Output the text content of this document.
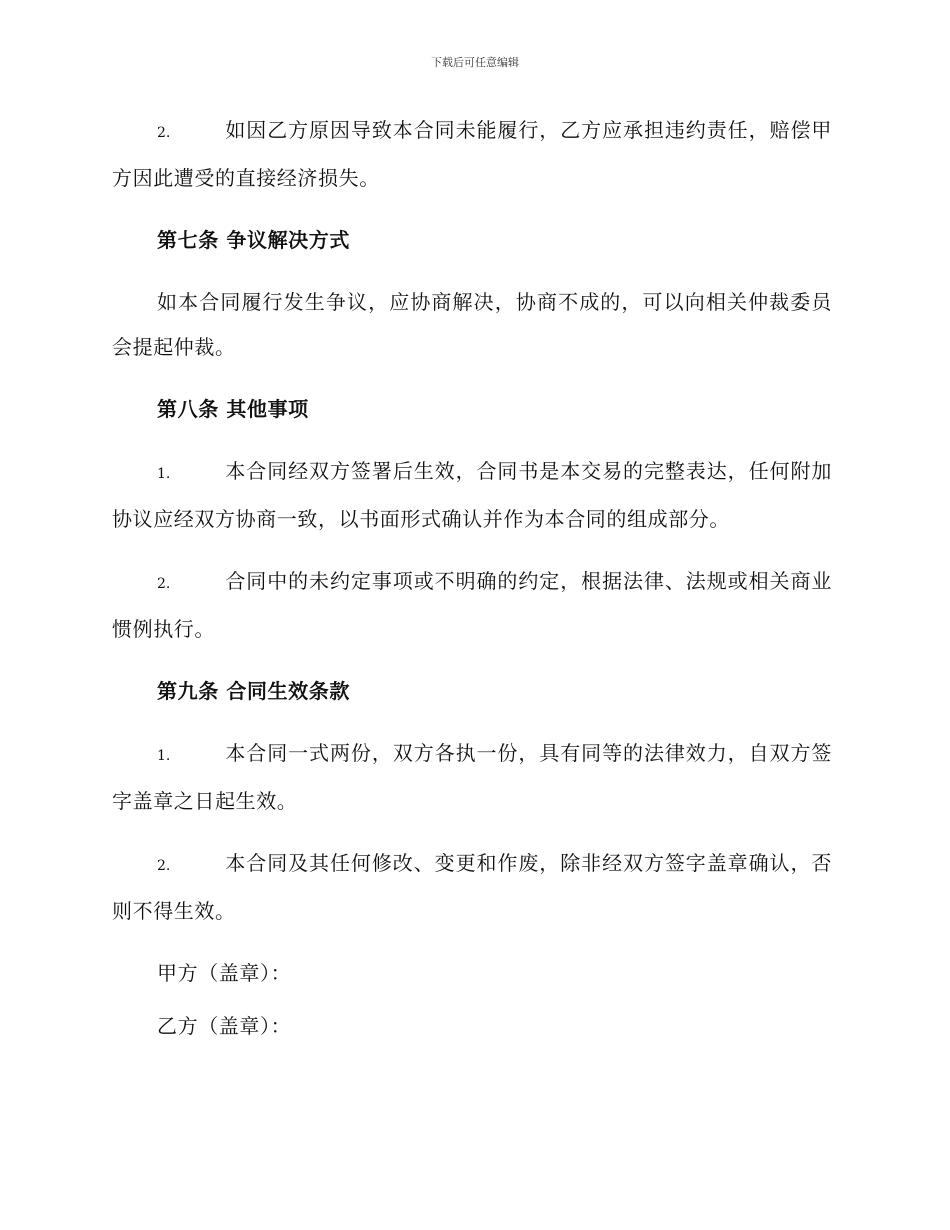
下载后可任意编辑

2.	如因乙方原因导致本合同未能履行，乙方应承担违约责任，赔偿甲方因此遭受的直接经济损失。

第七条 争议解决方式

如本合同履行发生争议，应协商解决，协商不成的，可以向相关仲裁委员会提起仲裁。

第八条 其他事项

1.	本合同经双方签署后生效，合同书是本交易的完整表达，任何附加协议应经双方协商一致，以书面形式确认并作为本合同的组成部分。

2.	合同中的未约定事项或不明确的约定，根据法律、法规或相关商业惯例执行。

第九条 合同生效条款

1.	本合同一式两份，双方各执一份，具有同等的法律效力，自双方签字盖章之日起生效。

2.	本合同及其任何修改、变更和作废，除非经双方签字盖章确认，否则不得生效。

甲方（盖章）：
乙方（盖章）：
